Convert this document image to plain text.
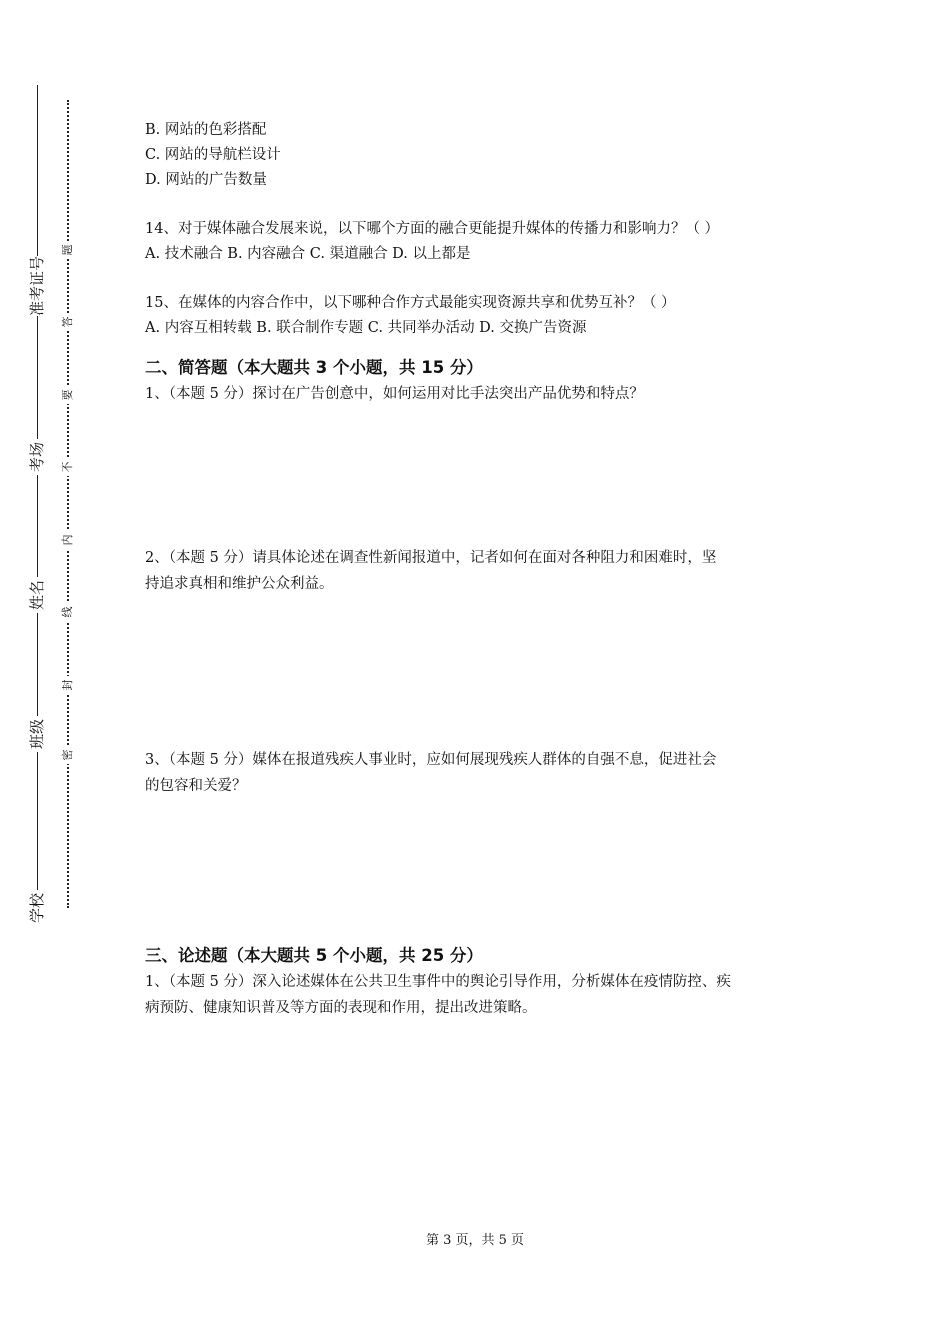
准考证号
考场
姓名
班级
学校
题
答
要
不
内
线
封
密

B. 网站的色彩搭配

C. 网站的导航栏设计

D. 网站的广告数量

14、对于媒体融合发展来说，以下哪个方面的融合更能提升媒体的传播力和影响力？（ ）

A. 技术融合 B. 内容融合 C. 渠道融合 D. 以上都是

15、在媒体的内容合作中，以下哪种合作方式最能实现资源共享和优势互补？（ ）

A. 内容互相转载 B. 联合制作专题 C. 共同举办活动 D. 交换广告资源

二、简答题（本大题共 3 个小题，共 15 分）

1、（本题 5 分）探讨在广告创意中，如何运用对比手法突出产品优势和特点？

2、（本题 5 分）请具体论述在调查性新闻报道中，记者如何在面对各种阻力和困难时，坚

持追求真相和维护公众利益。

3、（本题 5 分）媒体在报道残疾人事业时，应如何展现残疾人群体的自强不息，促进社会

的包容和关爱？

三、论述题（本大题共 5 个小题，共 25 分）

1、（本题 5 分）深入论述媒体在公共卫生事件中的舆论引导作用，分析媒体在疫情防控、疾

病预防、健康知识普及等方面的表现和作用，提出改进策略。

第 3 页，共 5 页
